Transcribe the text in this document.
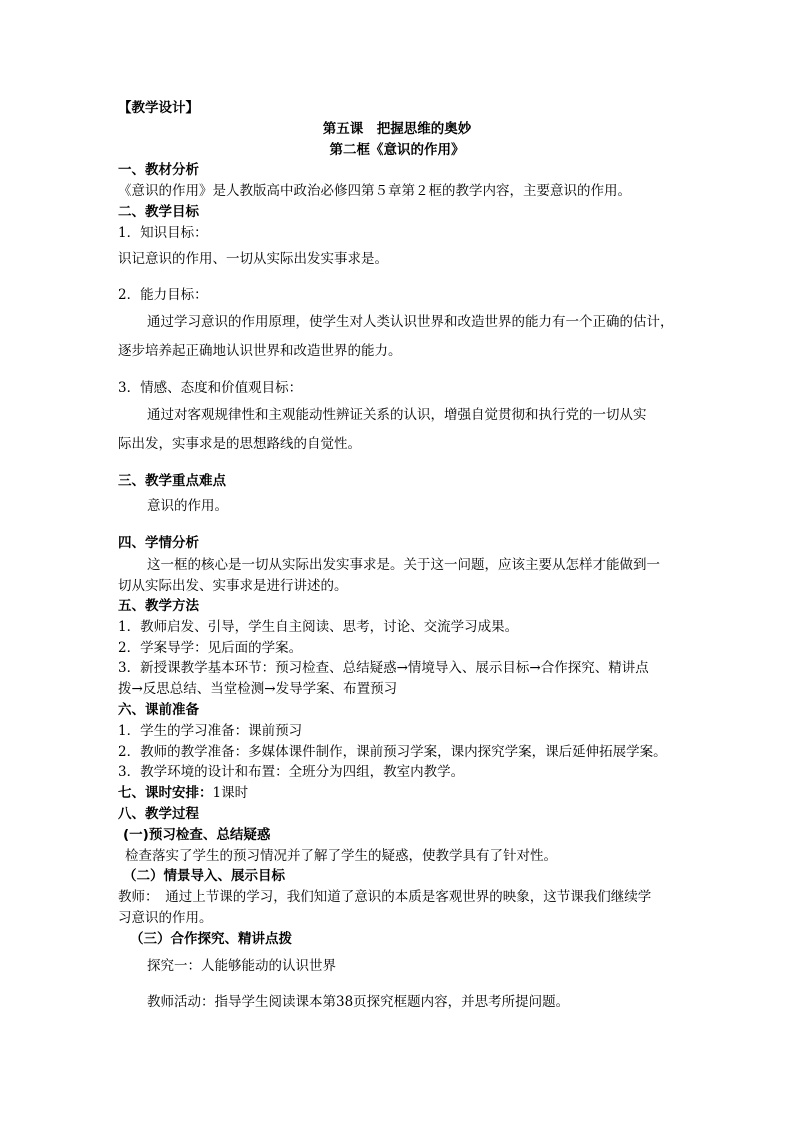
【教学设计】
第五课　把握思维的奥妙
第二框《意识的作用》
一、教材分析
《意识的作用》是人教版高中政治必修四第５章第２框的教学内容，主要意识的作用。
二、教学目标
1．知识目标：
识记意识的作用、一切从实际出发实事求是。
2．能力目标：
通过学习意识的作用原理，使学生对人类认识世界和改造世界的能力有一个正确的估计，
逐步培养起正确地认识世界和改造世界的能力。
3．情感、态度和价值观目标：
通过对客观规律性和主观能动性辨证关系的认识，增强自觉贯彻和执行党的一切从实
际出发，实事求是的思想路线的自觉性。
三、教学重点难点
意识的作用。
四、学情分析
这一框的核心是一切从实际出发实事求是。关于这一问题，应该主要从怎样才能做到一
切从实际出发、实事求是进行讲述的。
五、教学方法
1．教师启发、引导，学生自主阅读、思考，讨论、交流学习成果。
2．学案导学：见后面的学案。
3．新授课教学基本环节：预习检查、总结疑惑→情境导入、展示目标→合作探究、精讲点
拨→反思总结、当堂检测→发导学案、布置预习
六、课前准备
1．学生的学习准备：课前预习
2．教师的教学准备：多媒体课件制作，课前预习学案，课内探究学案，课后延伸拓展学案。
3．教学环境的设计和布置：全班分为四组，教室内教学。
七、课时安排：1课时
八、教学过程
(一)预习检查、总结疑惑
检查落实了学生的预习情况并了解了学生的疑惑，使教学具有了针对性。
（二）情景导入、展示目标
教师：　通过上节课的学习，我们知道了意识的本质是客观世界的映象，这节课我们继续学
习意识的作用。
（三）合作探究、精讲点拨
探究一：人能够能动的认识世界
教师活动：指导学生阅读课本第38页探究框题内容，并思考所提问题。
